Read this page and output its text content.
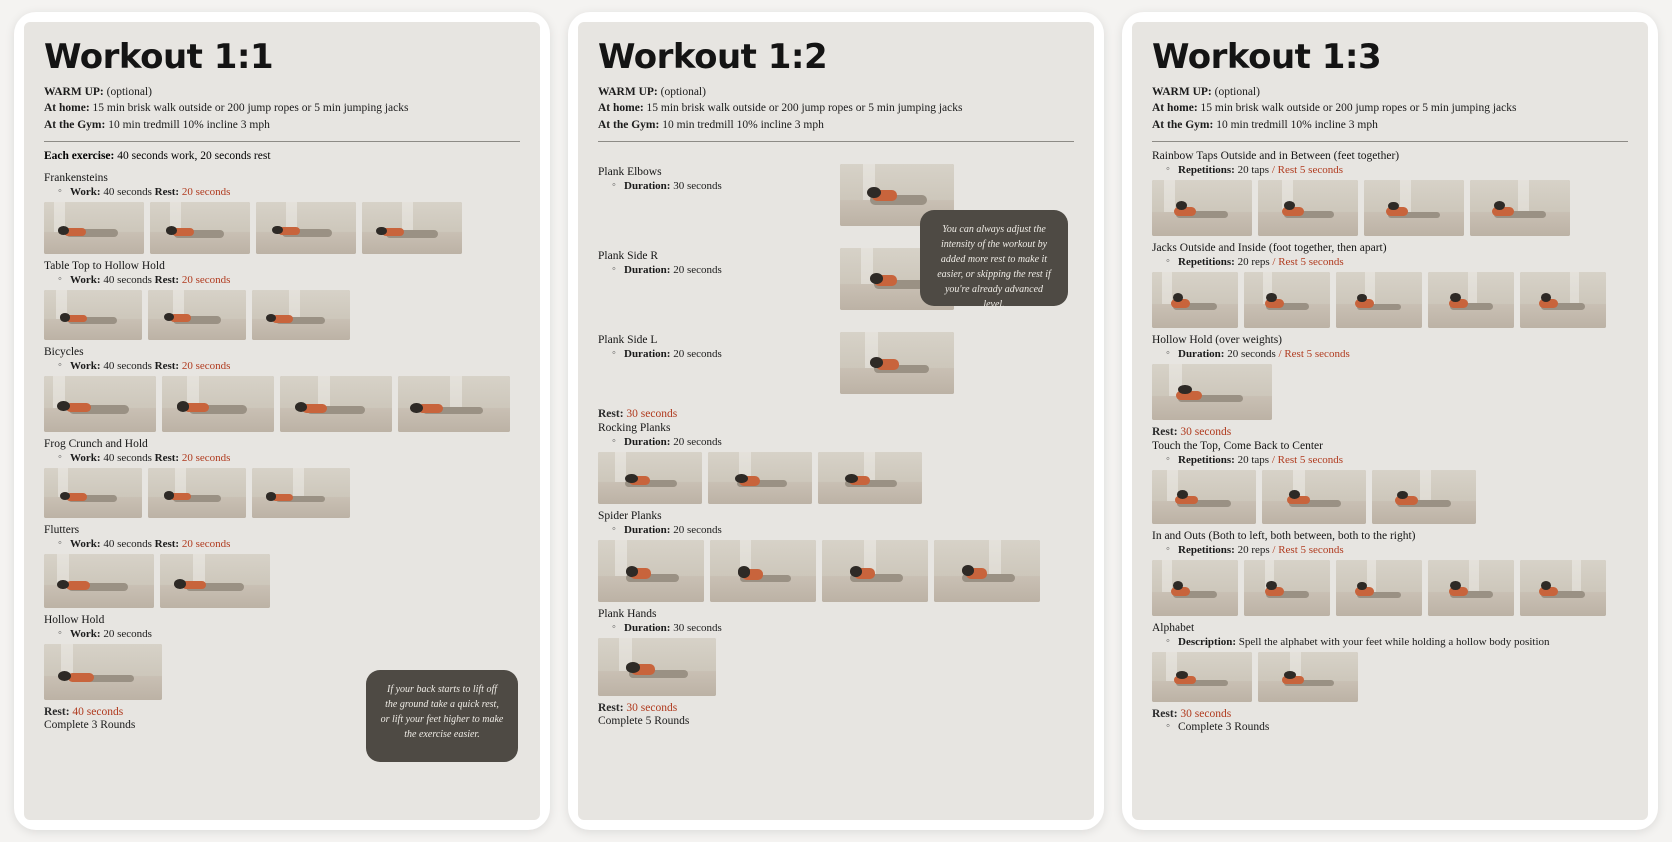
Workout 1:1
WARM UP: (optional)
At home: 15 min brisk walk outside or 200 jump ropes or 5 min jumping jacks
At the Gym: 10 min tredmill 10% incline 3 mph
Each exercise: 40 seconds work, 20 seconds rest
Frankensteins
◦ Work: 40 seconds Rest: 20 seconds
Table Top to Hollow Hold
◦ Work: 40 seconds Rest: 20 seconds
Bicycles
◦ Work: 40 seconds Rest: 20 seconds
Frog Crunch and Hold
◦ Work: 40 seconds Rest: 20 seconds
Flutters
◦ Work: 40 seconds Rest: 20 seconds
Hollow Hold
◦ Work: 20 seconds
Rest: 40 seconds
Complete 3 Rounds
If your back starts to lift off the ground take a quick rest, or lift your feet higher to make the exercise easier.
Workout 1:2
WARM UP: (optional)
At home: 15 min brisk walk outside or 200 jump ropes or 5 min jumping jacks
At the Gym: 10 min tredmill 10% incline 3 mph
Plank Elbows
◦ Duration: 30 seconds
Plank Side R
◦ Duration: 20 seconds
Plank Side L
◦ Duration: 20 seconds
Rest: 30 seconds
Rocking Planks
◦ Duration: 20 seconds
Spider Planks
◦ Duration: 20 seconds
Plank Hands
◦ Duration: 30 seconds
Rest: 30 seconds
Complete 5 Rounds
You can always adjust the intensity of the workout by added more rest to make it easier, or skipping the rest if you're already advanced level.
Workout 1:3
WARM UP: (optional)
At home: 15 min brisk walk outside or 200 jump ropes or 5 min jumping jacks
At the Gym: 10 min tredmill 10% incline 3 mph
Rainbow Taps Outside and in Between (feet together)
◦ Repetitions: 20 taps / Rest 5 seconds
Jacks Outside and Inside (foot together, then apart)
◦ Repetitions: 20 reps / Rest 5 seconds
Hollow Hold (over weights)
◦ Duration: 20 seconds / Rest 5 seconds
Rest: 30 seconds
Touch the Top, Come Back to Center
◦ Repetitions: 20 taps / Rest 5 seconds
In and Outs (Both to left, both between, both to the right)
◦ Repetitions: 20 reps / Rest 5 seconds
Alphabet
◦ Description: Spell the alphabet with your feet while holding a hollow body position
Rest: 30 seconds
◦ Complete 3 Rounds
